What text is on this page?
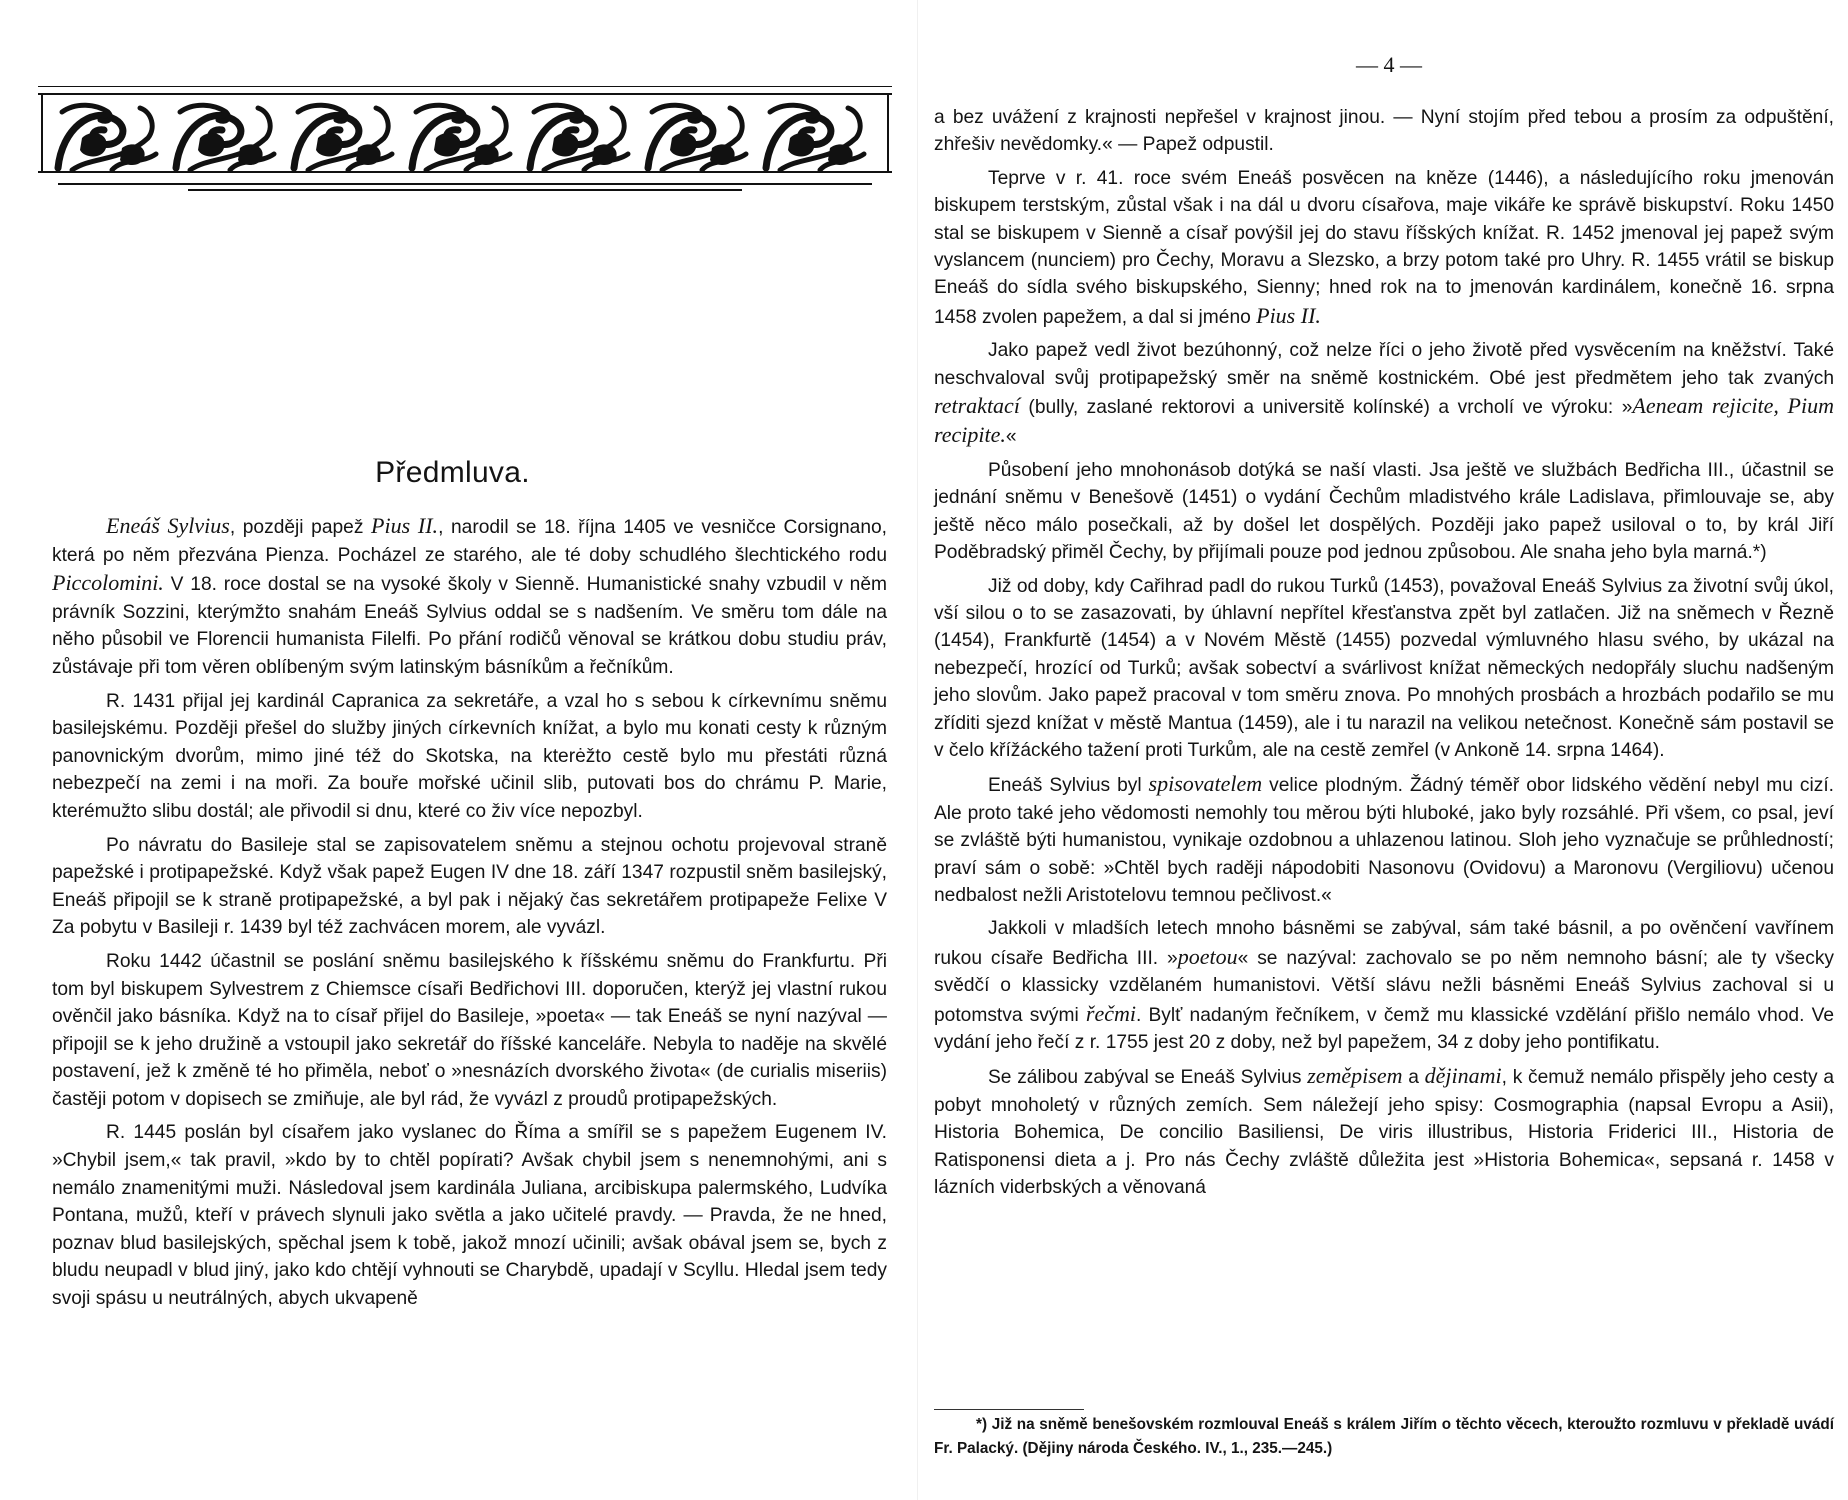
Předmluva.

Eneáš Sylvius, později papež Pius II., narodil se 18. října 1405 ve vesničce Corsignano, která po něm přezvána Pienza. Pocházel ze starého, ale té doby schudlého šlechtického rodu Piccolomini. V 18. roce dostal se na vysoké školy v Sienně. Humanistické snahy vzbudil v něm právník Sozzini, kterýmžto snahám Eneáš Sylvius oddal se s nadšením. Ve směru tom dále na něho působil ve Florencii humanista Filelfi. Po přání rodičů věnoval se krátkou dobu studiu práv, zůstávaje při tom věren oblíbeným svým latinským básníkům a řečníkům.

R. 1431 přijal jej kardinál Capranica za sekretáře, a vzal ho s sebou k církevnímu sněmu basilejskému. Později přešel do služby jiných církevních knížat, a bylo mu konati cesty k různým panovnickým dvorům, mimo jiné též do Skotska, na kterėžto cestě bylo mu přestáti různá nebezpečí na zemi i na moři. Za bouře mořské učinil slib, putovati bos do chrámu P. Marie, kterémužto slibu dostál; ale přivodil si dnu, které co živ více nepozbyl.

Po návratu do Basileje stal se zapisovatelem sněmu a stejnou ochotu projevoval straně papežské i protipapežské. Když však papež Eugen IV dne 18. září 1347 rozpustil sněm basilejský, Eneáš připojil se k straně protipapežské, a byl pak i nějaký čas sekretářem protipapeže Felixe V Za pobytu v Basileji r. 1439 byl též zachvácen morem, ale vyvázl.

Roku 1442 účastnil se poslání sněmu basilejského k říšskému sněmu do Frankfurtu. Při tom byl biskupem Sylvestrem z Chiemsce císaři Bedřichovi III. doporučen, kterýž jej vlastní rukou ověnčil jako básníka. Když na to císař přijel do Basileje, »poeta« — tak Eneáš se nyní nazýval — připojil se k jeho družině a vstoupil jako sekretář do říšské kanceláře. Nebyla to naděje na skvělé postavení, jež k změně té ho přiměla, neboť o »nesnázích dvorského života« (de curialis miseriis) častěji potom v dopisech se zmiňuje, ale byl rád, že vyvázl z proudů protipapežských.

R. 1445 poslán byl císařem jako vyslanec do Říma a smířil se s papežem Eugenem IV. »Chybil jsem,« tak pravil, »kdo by to chtěl popírati? Avšak chybil jsem s nenemnohými, ani s nemálo znamenitými muži. Následoval jsem kardinála Juliana, arcibiskupa palermského, Ludvíka Pontana, mužů, kteří v právech slynuli jako světla a jako učitelé pravdy. — Pravda, že ne hned, poznav blud basilejských, spěchal jsem k tobě, jakož mnozí učinili; avšak obával jsem se, bych z bludu neupadl v blud jiný, jako kdo chtějí vyhnouti se Charybdě, upadají v Scyllu. Hledal jsem tedy svoji spásu u neutrálných, abych ukvapeně

— 4 —

a bez uvážení z krajnosti nepřešel v krajnost jinou. — Nyní stojím před tebou a prosím za odpuštění, zhřešiv nevědomky.« — Papež odpustil.

Teprve v r. 41. roce svém Eneáš posvěcen na kněze (1446), a následujícího roku jmenován biskupem terstským, zůstal však i na dál u dvoru císařova, maje vikáře ke správě biskupství. Roku 1450 stal se biskupem v Sienně a císař povýšil jej do stavu říšských knížat. R. 1452 jmenoval jej papež svým vyslancem (nunciem) pro Čechy, Moravu a Slezsko, a brzy potom také pro Uhry. R. 1455 vrátil se biskup Eneáš do sídla svého biskupského, Sienny; hned rok na to jmenován kardinálem, konečně 16. srpna 1458 zvolen papežem, a dal si jméno Pius II.

Jako papež vedl život bezúhonný, což nelze říci o jeho životě před vysvěcením na kněžství. Také neschvaloval svůj protipapežský směr na sněmě kostnickém. Obé jest předmětem jeho tak zvaných retraktací (bully, zaslané rektorovi a universitě kolínské) a vrcholí ve výroku: »Aeneam rejicite, Pium recipite.«

Působení jeho mnohonásob dotýká se naší vlasti. Jsa ještě ve službách Bedřicha III., účastnil se jednání sněmu v Benešově (1451) o vydání Čechům mladistvého krále Ladislava, přimlouvaje se, aby ještě něco málo posečkali, až by došel let dospělých. Později jako papež usiloval o to, by král Jiří Poděbradský přiměl Čechy, by přijímali pouze pod jednou způsobou. Ale snaha jeho byla marná.*)

Již od doby, kdy Cařihrad padl do rukou Turků (1453), považoval Eneáš Sylvius za životní svůj úkol, vší silou o to se zasazovati, by úhlavní nepřítel křesťanstva zpět byl zatlačen. Již na sněmech v Řezně (1454), Frankfurtě (1454) a v Novém Městě (1455) pozvedal výmluvného hlasu svého, by ukázal na nebezpečí, hrozící od Turků; avšak sobectví a svárlivost knížat německých nedopřály sluchu nadšeným jeho slovům. Jako papež pracoval v tom směru znova. Po mnohých prosbách a hrozbách podařilo se mu zříditi sjezd knížat v městě Mantua (1459), ale i tu narazil na velikou netečnost. Konečně sám postavil se v čelo křížáckého tažení proti Turkům, ale na cestě zemřel (v Ankoně 14. srpna 1464).

Eneáš Sylvius byl spisovatelem velice plodným. Žádný téměř obor lidského vědění nebyl mu cizí. Ale proto také jeho vědomosti nemohly tou měrou býti hluboké, jako byly rozsáhlé. Při všem, co psal, jeví se zvláště býti humanistou, vynikaje ozdobnou a uhlazenou latinou. Sloh jeho vyznačuje se průhledností; praví sám o sobě: »Chtěl bych raději nápodobiti Nasonovu (Ovidovu) a Maronovu (Vergiliovu) učenou nedbalost nežli Aristotelovu temnou pečlivost.«

Jakkoli v mladších letech mnoho básněmi se zabýval, sám také básnil, a po ověnčení vavřínem rukou císaře Bedřicha III. »poetou« se nazýval: zachovalo se po něm nemnoho básní; ale ty všecky svědčí o klassicky vzdělaném humanistovi. Větší slávu nežli básněmi Eneáš Sylvius zachoval si u potomstva svými řečmi. Bylť nadaným řečníkem, v čemž mu klassické vzdělání přišlo nemálo vhod. Ve vydání jeho řečí z r. 1755 jest 20 z doby, než byl papežem, 34 z doby jeho pontifikatu.

Se zálibou zabýval se Eneáš Sylvius zeměpisem a dějinami, k čemuž nemálo přispěly jeho cesty a pobyt mnoholetý v různých zemích. Sem náležejí jeho spisy: Cosmographia (napsal Evropu a Asii), Historia Bohemica, De concilio Basiliensi, De viris illustribus, Historia Friderici III., Historia de Ratisponensi dieta a j. Pro nás Čechy zvláště důležita jest »Historia Bohemica«, sepsaná r. 1458 v lázních viderbských a věnovaná

*) Již na sněmě benešovském rozmlouval Eneáš s králem Jiřím o těchto věcech, kteroužto rozmluvu v překladě uvádí Fr. Palacký. (Dějiny národa Českého. IV., 1., 235.—245.)
